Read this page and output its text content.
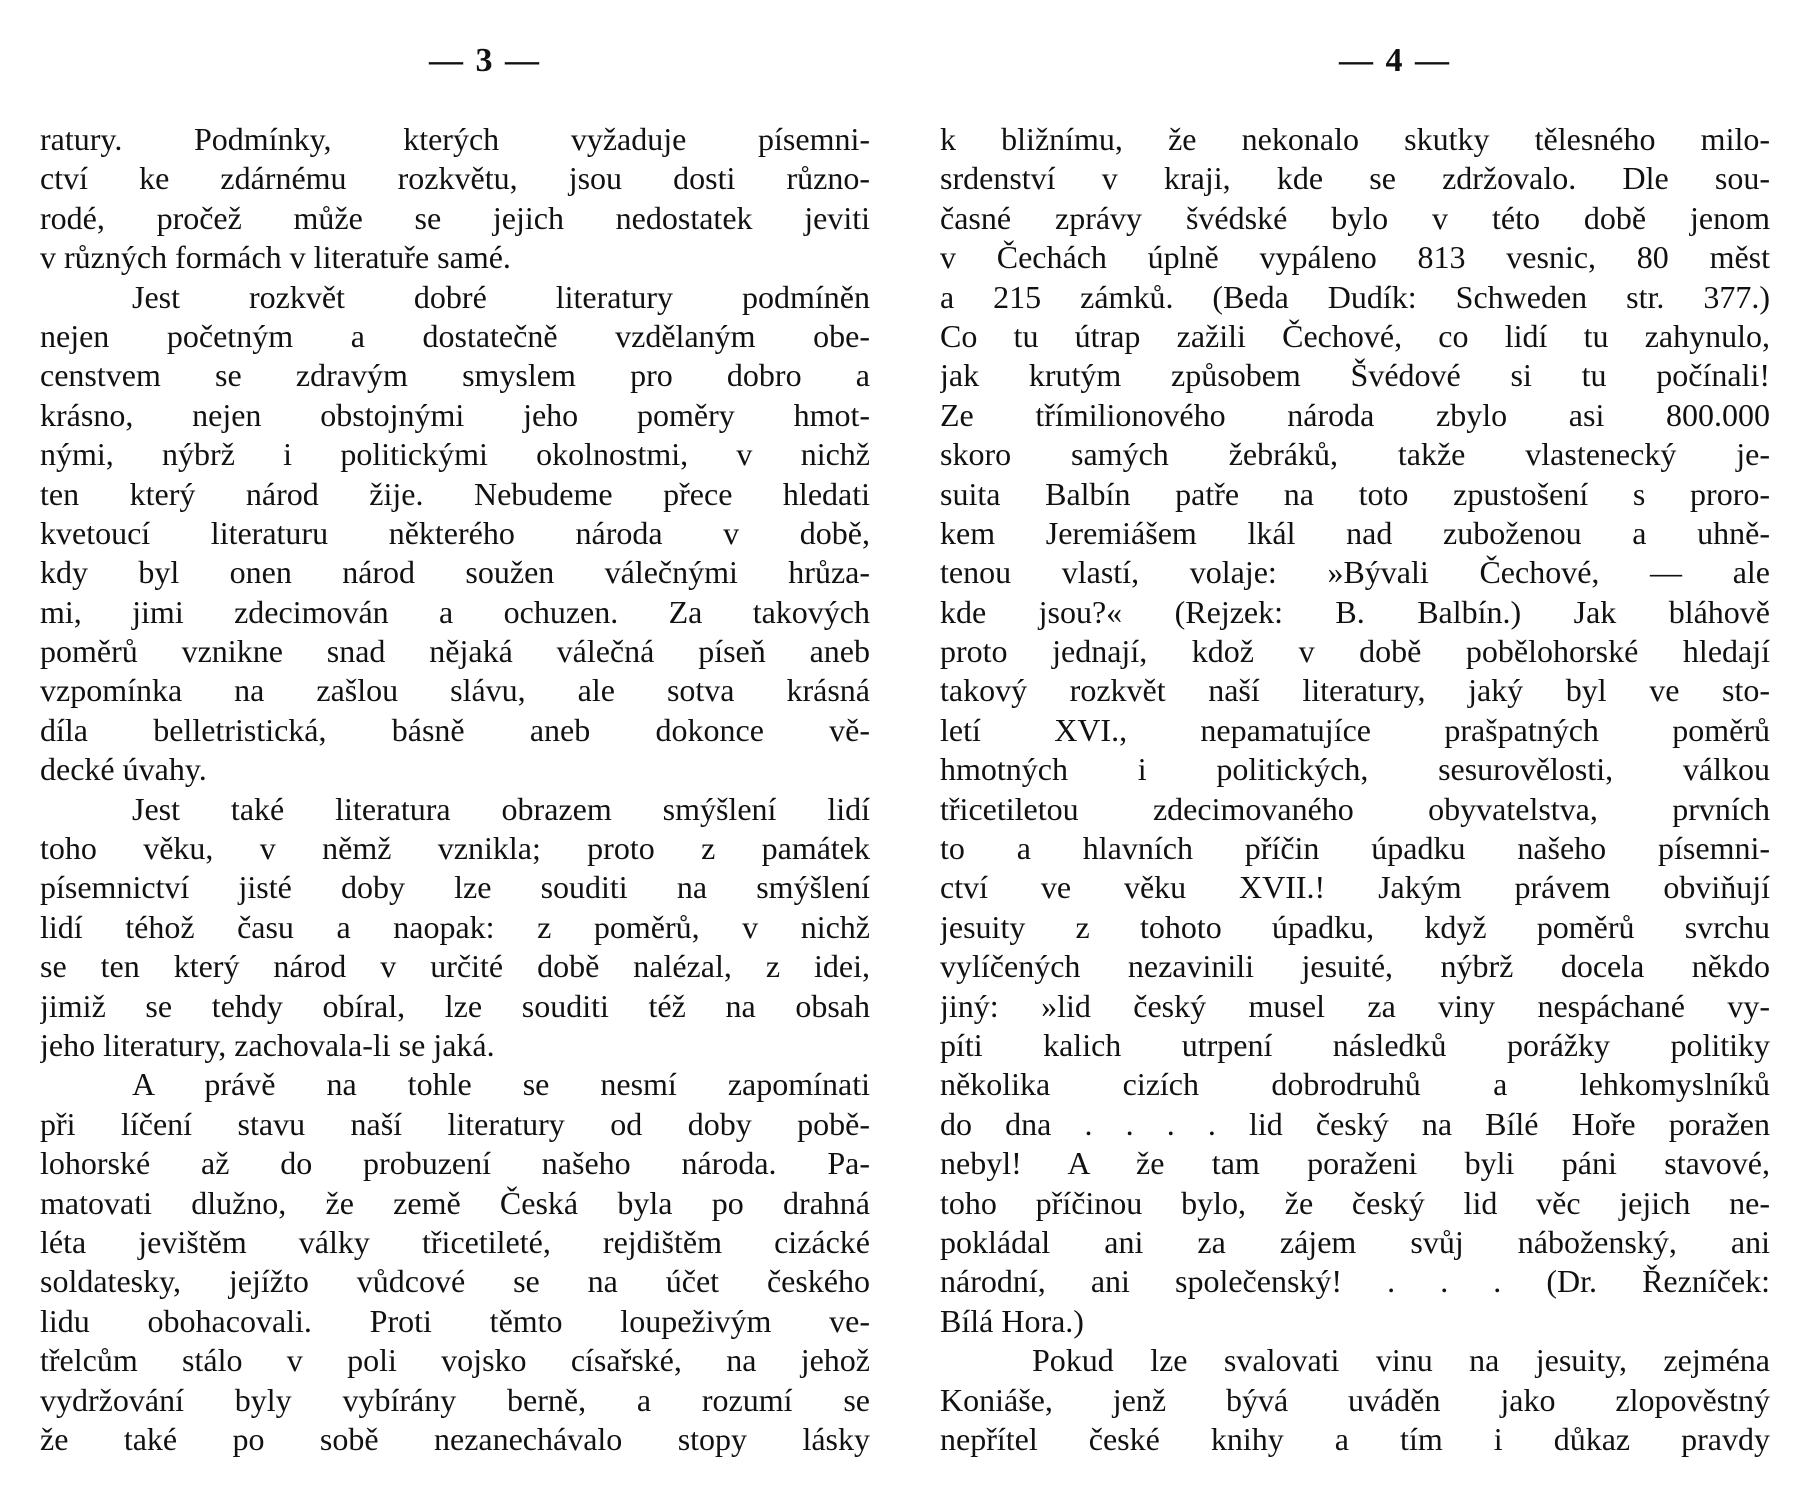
— 3 —
ratury. Podmínky, kterých vyžaduje písemni-
ctví ke zdárnému rozkvětu, jsou dosti různo-
rodé, pročež může se jejich nedostatek jeviti
v různých formách v literatuře samé.
Jest rozkvět dobré literatury podmíněn
nejen početným a dostatečně vzdělaným obe-
censtvem se zdravým smyslem pro dobro a
krásno, nejen obstojnými jeho poměry hmot-
nými, nýbrž i politickými okolnostmi, v nichž
ten který národ žije. Nebudeme přece hledati
kvetoucí literaturu některého národa v době,
kdy byl onen národ soužen válečnými hrůza-
mi, jimi zdecimován a ochuzen. Za takových
poměrů vznikne snad nějaká válečná píseň aneb
vzpomínka na zašlou slávu, ale sotva krásná
díla belletristická, básně aneb dokonce vě-
decké úvahy.
Jest také literatura obrazem smýšlení lidí
toho věku, v němž vznikla; proto z památek
písemnictví jisté doby lze souditi na smýšlení
lidí téhož času a naopak: z poměrů, v nichž
se ten který národ v určité době nalézal, z idei,
jimiž se tehdy obíral, lze souditi též na obsah
jeho literatury, zachovala-li se jaká.
A právě na tohle se nesmí zapomínati
při líčení stavu naší literatury od doby pobě-
lohorské až do probuzení našeho národa. Pa-
matovati dlužno, že země Česká byla po drahná
léta jevištěm války třicetileté, rejdištěm cizácké
soldatesky, jejížto vůdcové se na účet českého
lidu obohacovali. Proti těmto loupeživým ve-
třelcům stálo v poli vojsko císařské, na jehož
vydržování byly vybírány berně, a rozumí se
že také po sobě nezanechávalo stopy lásky
— 4 —
k bližnímu, že nekonalo skutky tělesného milo-
srdenství v kraji, kde se zdržovalo. Dle sou-
časné zprávy švédské bylo v této době jenom
v Čechách úplně vypáleno 813 vesnic, 80 měst
a 215 zámků. (Beda Dudík: Schweden str. 377.)
Co tu útrap zažili Čechové, co lidí tu zahynulo,
jak krutým způsobem Švédové si tu počínali!
Ze třímilionového národa zbylo asi 800.000
skoro samých žebráků, takže vlastenecký je-
suita Balbín patře na toto zpustošení s proro-
kem Jeremiášem lkál nad zuboženou a uhně-
tenou vlastí, volaje: »Bývali Čechové, — ale
kde jsou?« (Rejzek: B. Balbín.) Jak bláhově
proto jednají, kdož v době pobělohorské hledají
takový rozkvět naší literatury, jaký byl ve sto-
letí XVI., nepamatujíce prašpatných poměrů
hmotných i politických, sesurovělosti, válkou
třicetiletou zdecimovaného obyvatelstva, prvních
to a hlavních příčin úpadku našeho písemni-
ctví ve věku XVII.! Jakým právem obviňují
jesuity z tohoto úpadku, když poměrů svrchu
vylíčených nezavinili jesuité, nýbrž docela někdo
jiný: »lid český musel za viny nespáchané vy-
píti kalich utrpení následků porážky politiky
několika cizích dobrodruhů a lehkomyslníků
do dna . . . . lid český na Bílé Hoře poražen
nebyl! A že tam poraženi byli páni stavové,
toho příčinou bylo, že český lid věc jejich ne-
pokládal ani za zájem svůj náboženský, ani
národní, ani společenský! . . . (Dr. Řezníček:
Bílá Hora.)
Pokud lze svalovati vinu na jesuity, zejména
Koniáše, jenž bývá uváděn jako zlopověstný
nepřítel české knihy a tím i důkaz pravdy
